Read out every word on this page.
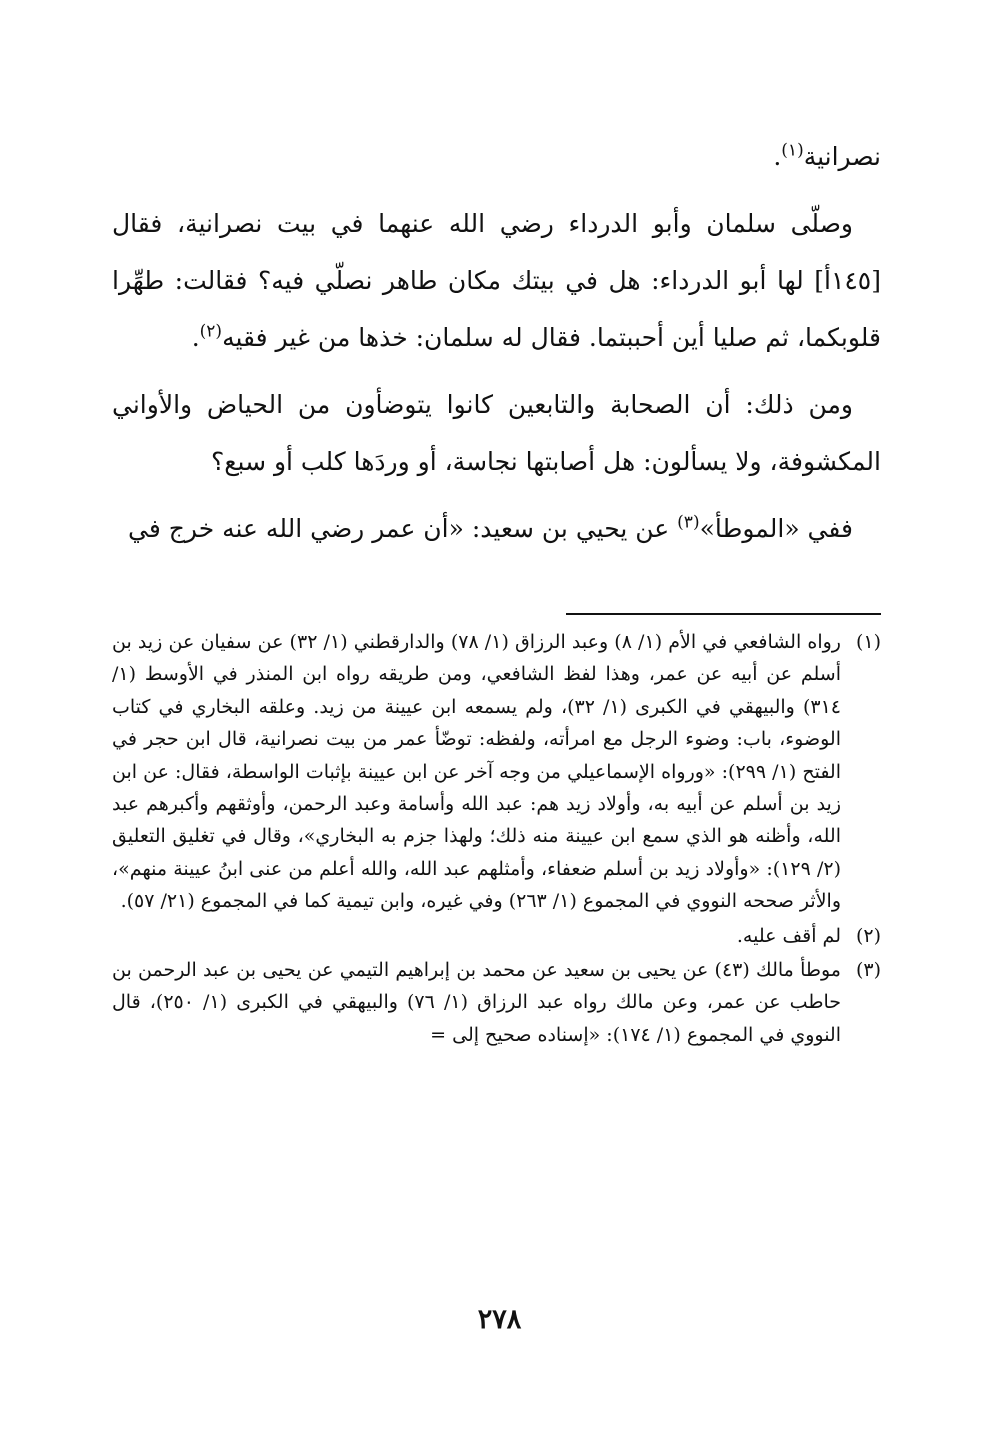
نصرانية$^{(١)}$.

وصلّى سلمان وأبو الدرداء رضي الله عنهما في بيت نصرانية، فقال [١٤٥أ] لها أبو الدرداء: هل في بيتك مكان طاهر نصلّي فيه؟ فقالت: طهِّرا قلوبكما، ثم صليا أين أحببتما. فقال له سلمان: خذها من غير فقيه$^{(٢)}$.

ومن ذلك: أن الصحابة والتابعين كانوا يتوضأون من الحياض والأواني المكشوفة، ولا يسألون: هل أصابتها نجاسة، أو وردَها كلب أو سبع؟

ففي «الموطأ»$^{(٣)}$ عن يحيي بن سعيد: «أن عمر رضي الله عنه خرج في

(١)
رواه الشافعي في الأم (١/ ٨) وعبد الرزاق (١/ ٧٨) والدارقطني (١/ ٣٢) عن سفيان عن زيد بن أسلم عن أبيه عن عمر، وهذا لفظ الشافعي، ومن طريقه رواه ابن المنذر في الأوسط (١/ ٣١٤) والبيهقي في الكبرى (١/ ٣٢)، ولم يسمعه ابن عيينة من زيد. وعلقه البخاري في كتاب الوضوء، باب: وضوء الرجل مع امرأته، ولفظه: توضّأ عمر من بيت نصرانية، قال ابن حجر في الفتح (١/ ٢٩٩): «ورواه الإسماعيلي من وجه آخر عن ابن عيينة بإثبات الواسطة، فقال: عن ابن زيد بن أسلم عن أبيه به، وأولاد زيد هم: عبد الله وأسامة وعبد الرحمن، وأوثقهم وأكبرهم عبد الله، وأظنه هو الذي سمع ابن عيينة منه ذلك؛ ولهذا جزم به البخاري»، وقال في تغليق التعليق (٢/ ١٢٩): «وأولاد زيد بن أسلم ضعفاء، وأمثلهم عبد الله، والله أعلم من عنى ابنُ عيينة منهم»، والأثر صححه النووي في المجموع (١/ ٢٦٣) وفي غيره، وابن تيمية كما في المجموع (٢١/ ٥٧).
(٢)
لم أقف عليه.
(٣)
موطأ مالك (٤٣) عن يحيى بن سعيد عن محمد بن إبراهيم التيمي عن يحيى بن عبد الرحمن بن حاطب عن عمر، وعن مالك رواه عبد الرزاق (١/ ٧٦) والبيهقي في الكبرى (١/ ٢٥٠)، قال النووي في المجموع (١/ ١٧٤): «إسناده صحيح إلى =
٢٧٨
